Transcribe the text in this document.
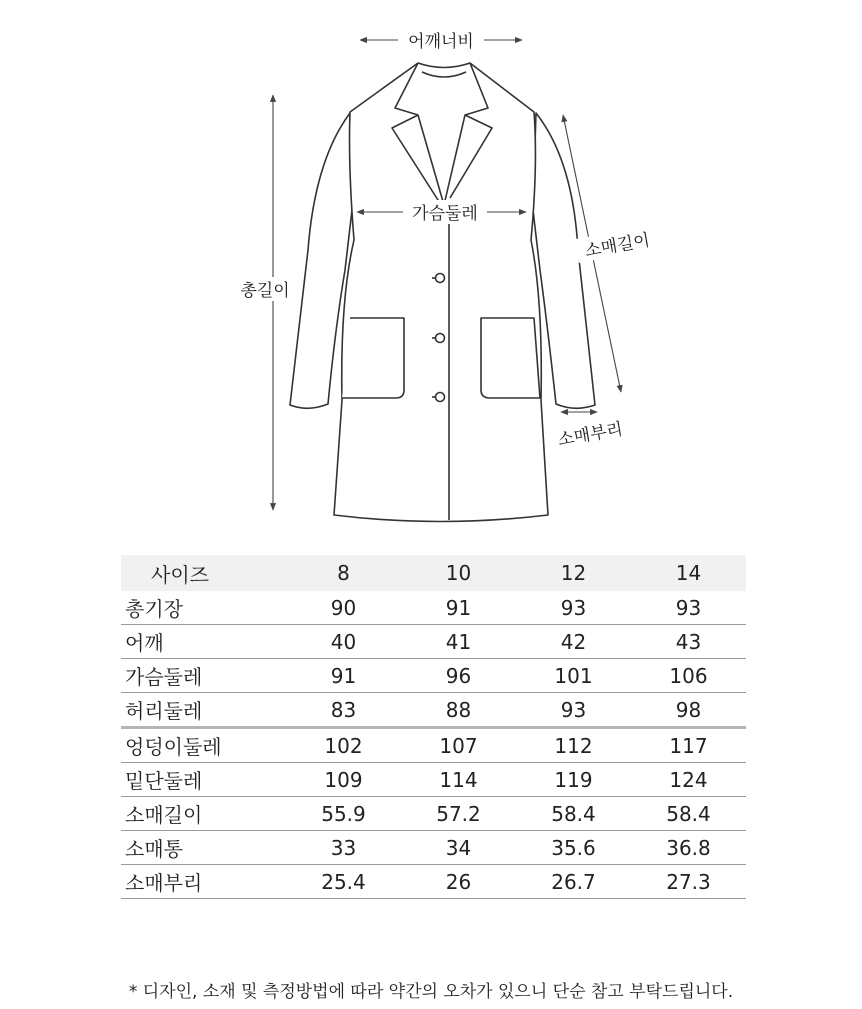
어깨너비
가슴둘레
총길이
소매길이
소매부리
사이즈	8	10	12	14
총기장	90	91	93	93
어깨	40	41	42	43
가슴둘레	91	96	101	106
허리둘레	83	88	93	98
엉덩이둘레	102	107	112	117
밑단둘레	109	114	119	124
소매길이	55.9	57.2	58.4	58.4
소매통	33	34	35.6	36.8
소매부리	25.4	26	26.7	27.3
* 디자인, 소재 및 측정방법에 따라 약간의 오차가 있으니 단순 참고 부탁드립니다.
